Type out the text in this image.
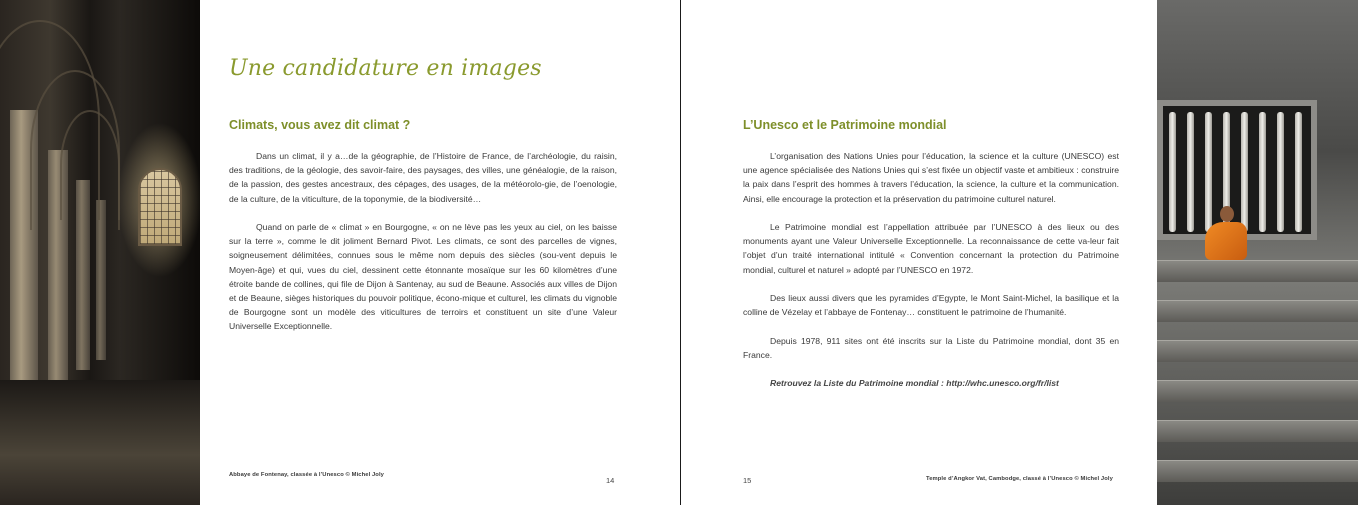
Une candidature en images
Climats, vous avez dit climat ?

Dans un climat, il y a…de la géographie, de l’Histoire de France, de l’archéologie, du raisin, des traditions, de la géologie, des savoir-faire, des paysages, des villes, une généalogie, de la raison, de la passion, des gestes ancestraux, des cépages, des usages, de la météorolo-gie, de l’oenologie, de la culture, de la viticulture, de la toponymie, de la biodiversité…

Quand on parle de « climat » en Bourgogne, « on ne lève pas les yeux au ciel, on les baisse sur la terre », comme le dit joliment Bernard Pivot. Les climats, ce sont des parcelles de vignes, soigneusement délimitées, connues sous le même nom depuis des siècles (sou-vent depuis le Moyen-âge) et qui, vues du ciel, dessinent cette étonnante mosaïque sur les 60 kilomètres d’une étroite bande de collines, qui file de Dijon à Santenay, au sud de Beaune. Associés aux villes de Dijon et de Beaune, sièges historiques du pouvoir politique, écono-mique et culturel, les climats du vignoble de Bourgogne sont un modèle des viticultures de terroirs et constituent un site d’une Valeur Universelle Exceptionnelle.

Abbaye de Fontenay, classée à l’Unesco © Michel Joly
14
L’Unesco et le Patrimoine mondial

L’organisation des Nations Unies pour l’éducation, la science et la culture (UNESCO) est une agence spécialisée des Nations Unies qui s’est fixée un objectif vaste et ambitieux : construire la paix dans l’esprit des hommes à travers l’éducation, la science, la culture et la communication. Ainsi, elle encourage la protection et la préservation du patrimoine culturel naturel.

Le Patrimoine mondial est l’appellation attribuée par l’UNESCO à des lieux ou des monuments ayant une Valeur Universelle Exceptionnelle. La reconnaissance de cette va-leur fait l’objet d’un traité international intitulé « Convention concernant la protection du Patrimoine mondial, culturel et naturel » adopté par l’UNESCO en 1972.

Des lieux aussi divers que les pyramides d’Egypte, le Mont Saint-Michel, la basilique et la colline de Vézelay et l’abbaye de Fontenay… constituent le patrimoine de l’humanité.

Depuis 1978, 911 sites ont été inscrits sur la Liste du Patrimoine mondial, dont 35 en France.

Retrouvez la Liste du Patrimoine mondial : http://whc.unesco.org/fr/list

15	Temple d’Angkor Vat, Cambodge, classé à l’Unesco © Michel Joly
